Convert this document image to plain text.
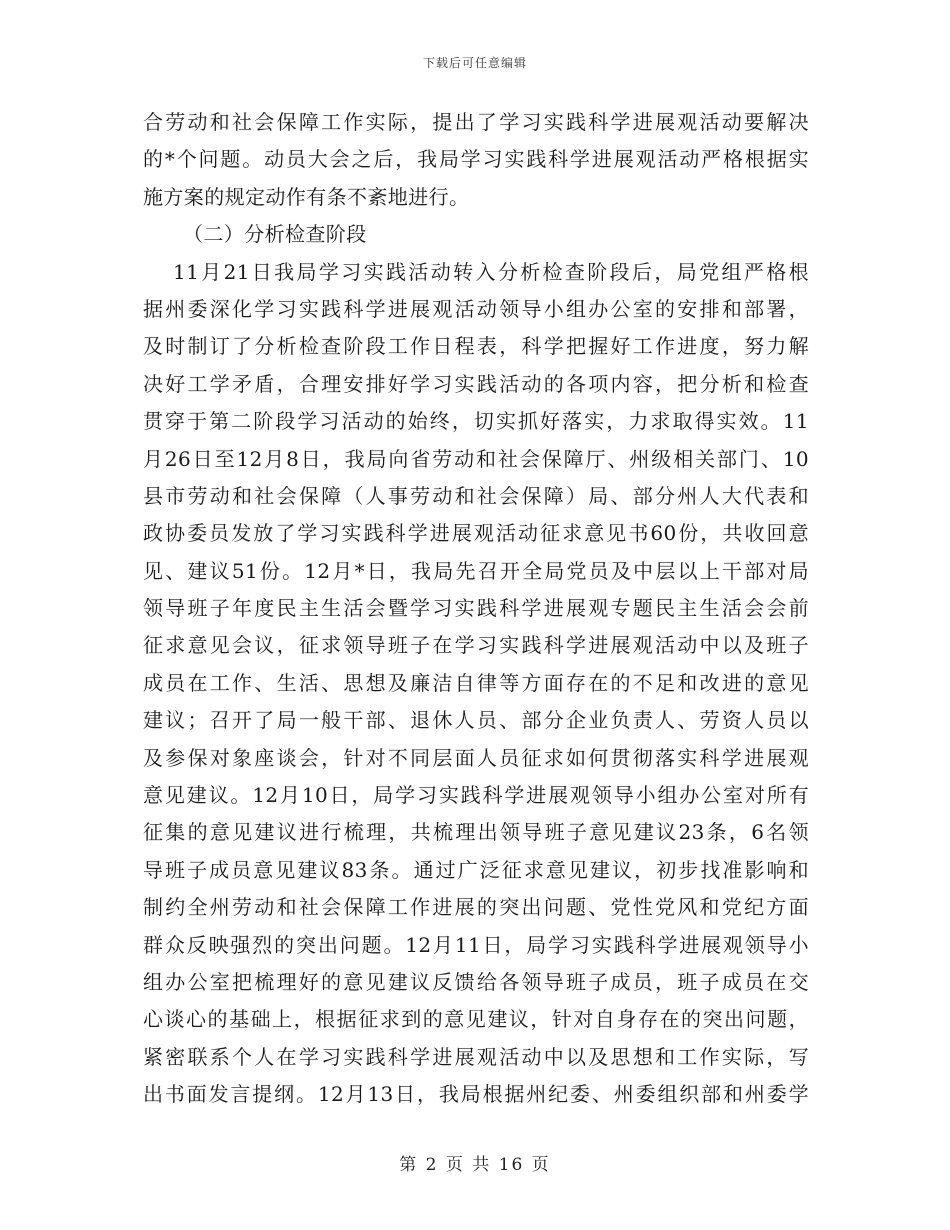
下载后可任意编辑
合劳动和社会保障工作实际，提出了学习实践科学进展观活动要解决
的*个问题。动员大会之后，我局学习实践科学进展观活动严格根据实
施方案的规定动作有条不紊地进行。
（二）分析检查阶段
11月21日我局学习实践活动转入分析检查阶段后，局党组严格根
据州委深化学习实践科学进展观活动领导小组办公室的安排和部署，
及时制订了分析检查阶段工作日程表，科学把握好工作进度，努力解
决好工学矛盾，合理安排好学习实践活动的各项内容，把分析和检查
贯穿于第二阶段学习活动的始终，切实抓好落实，力求取得实效。11
月26日至12月8日，我局向省劳动和社会保障厅、州级相关部门、10
县市劳动和社会保障（人事劳动和社会保障）局、部分州人大代表和
政协委员发放了学习实践科学进展观活动征求意见书60份，共收回意
见、建议51份。12月*日，我局先召开全局党员及中层以上干部对局
领导班子年度民主生活会暨学习实践科学进展观专题民主生活会会前
征求意见会议，征求领导班子在学习实践科学进展观活动中以及班子
成员在工作、生活、思想及廉洁自律等方面存在的不足和改进的意见
建议；召开了局一般干部、退休人员、部分企业负责人、劳资人员以
及参保对象座谈会，针对不同层面人员征求如何贯彻落实科学进展观
意见建议。12月10日，局学习实践科学进展观领导小组办公室对所有
征集的意见建议进行梳理，共梳理出领导班子意见建议23条，6名领
导班子成员意见建议83条。通过广泛征求意见建议，初步找准影响和
制约全州劳动和社会保障工作进展的突出问题、党性党风和党纪方面
群众反映强烈的突出问题。12月11日，局学习实践科学进展观领导小
组办公室把梳理好的意见建议反馈给各领导班子成员，班子成员在交
心谈心的基础上，根据征求到的意见建议，针对自身存在的突出问题，
紧密联系个人在学习实践科学进展观活动中以及思想和工作实际，写
出书面发言提纲。12月13日，我局根据州纪委、州委组织部和州委学
第 2 页 共 16 页
